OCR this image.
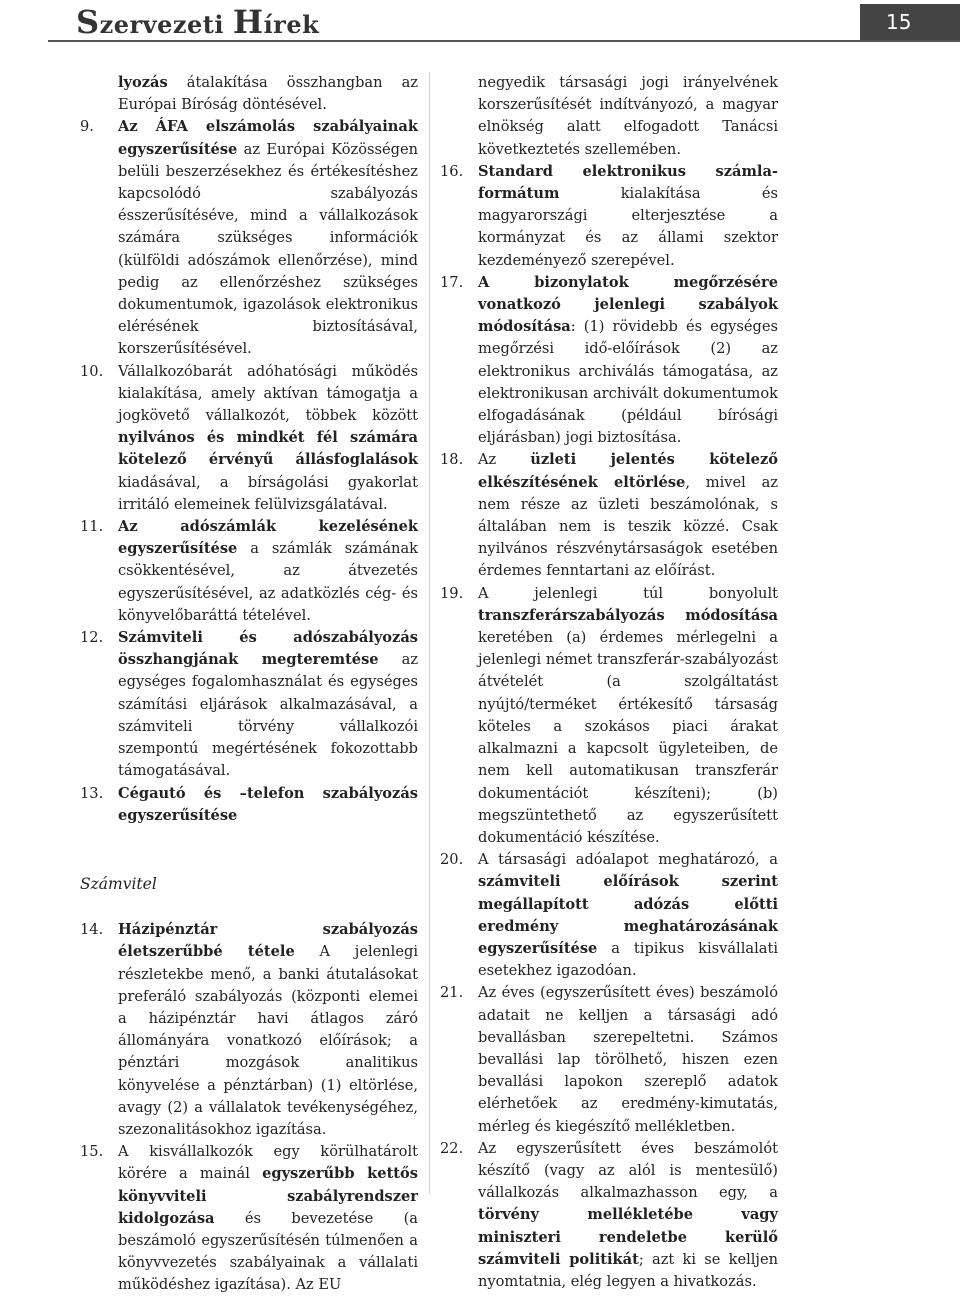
Szervezeti Hírek	15

lyozás átalakítása összhangban az Európai Bíróság döntésével.

9. Az ÁFA elszámolás szabályainak egyszerűsítése az Európai Közösségen belüli beszerzésekhez és értékesítéshez kapcsolódó szabályozás ésszerűsítéséve, mind a vállalkozások számára szükséges információk (külföldi adószámok ellenőrzése), mind pedig az ellenőrzéshez szükséges dokumentumok, igazolások elektronikus elérésének biztosításával, korszerűsítésével.

10. Vállalkozóbarát adóhatósági működés kialakítása, amely aktívan támogatja a jogkövető vállalkozót, többek között nyilvános és mindkét fél számára kötelező érvényű állásfoglalások kiadásával, a bírságolási gyakorlat irritáló elemeinek felülvizsgálatával.

11. Az adószámlák kezelésének egyszerűsítése a számlák számának csökkentésével, az átvezetés egyszerűsítésével, az adatközlés cég- és könyvelőbaráttá tételével.

12. Számviteli és adószabályozás összhangjának megteremtése az egységes fogalomhasználat és egységes számítási eljárások alkalmazásával, a számviteli törvény vállalkozói szempontú megértésének fokozottabb támogatásával.

13. Cégautó és –telefon szabályozás egyszerűsítése

Számvitel

14. Házipénztár szabályozás életszerűbbé tétele A jelenlegi részletekbe menő, a banki átutalásokat preferáló szabályozás (központi elemei a házipénztár havi átlagos záró állományára vonatkozó előírások; a pénztári mozgások analitikus könyvelése a pénztárban) (1) eltörlése, avagy (2) a vállalatok tevékenységéhez, szezonalitásokhoz igazítása.

15. A kisvállalkozók egy körülhatárolt körére a mainál egyszerűbb kettős könyvviteli szabályrendszer kidolgozása és bevezetése (a beszámoló egyszerűsítésén túlmenően a könyvvezetés szabályainak a vállalati működéshez igazítása). Az EU

negyedik társasági jogi irányelvének korszerűsítését indítványozó, a magyar elnökség alatt elfogadott Tanácsi következtetés szellemében.

16. Standard elektronikus számla-formátum kialakítása és magyarországi elterjesztése a kormányzat és az állami szektor kezdeményező szerepével.

17. A bizonylatok megőrzésére vonatkozó jelenlegi szabályok módosítása: (1) rövidebb és egységes megőrzési idő-előírások (2) az elektronikus archiválás támogatása, az elektronikusan archivált dokumentumok elfogadásának (például bírósági eljárásban) jogi biztosítása.

18. Az üzleti jelentés kötelező elkészítésének eltörlése, mivel az nem része az üzleti beszámolónak, s általában nem is teszik közzé. Csak nyilvános részvénytársaságok esetében érdemes fenntartani az előírást.

19. A jelenlegi túl bonyolult transzferárszabályozás módosítása keretében (a) érdemes mérlegelni a jelenlegi német transzferár-szabályozást átvételét (a szolgáltatást nyújtó/terméket értékesítő társaság köteles a szokásos piaci árakat alkalmazni a kapcsolt ügyleteiben, de nem kell automatikusan transzferár dokumentációt készíteni); (b) megszüntethető az egyszerűsített dokumentáció készítése.

20. A társasági adóalapot meghatározó, a számviteli előírások szerint megállapított adózás előtti eredmény meghatározásának egyszerűsítése a tipikus kisvállalati esetekhez igazodóan.

21. Az éves (egyszerűsített éves) beszámoló adatait ne kelljen a társasági adó bevallásban szerepeltetni. Számos bevallási lap törölhető, hiszen ezen bevallási lapokon szereplő adatok elérhetőek az eredmény-kimutatás, mérleg és kiegészítő mellékletben.

22. Az egyszerűsített éves beszámolót készítő (vagy az alól is mentesülő) vállalkozás alkalmazhasson egy, a törvény mellékletébe vagy miniszteri rendeletbe kerülő számviteli politikát; azt ki se kelljen nyomtatnia, elég legyen a hivatkozás.
